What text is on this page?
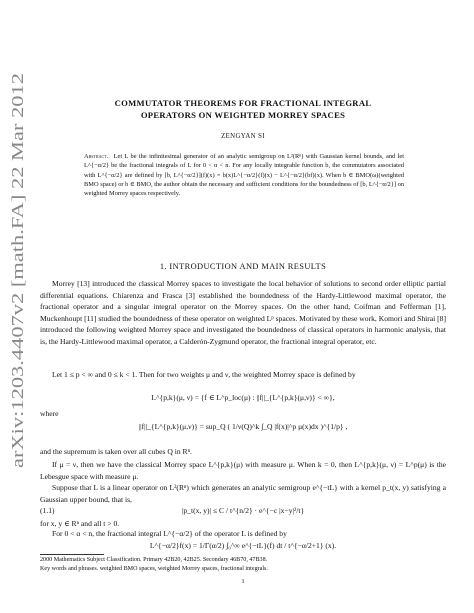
arXiv:1203.4407v2 [math.FA] 22 Mar 2012
COMMUTATOR THEOREMS FOR FRACTIONAL INTEGRAL
OPERATORS ON WEIGHTED MORREY SPACES
ZENGYAN SI
Abstract. Let L be the infinitesimal generator of an analytic semigroup on L²(Rⁿ) with Gaussian kernel bounds, and let L^{−α/2} be the fractional integrals of L for 0 < α < n. For any locally integrable function b, the commutators associated with L^{−α/2} are defined by [b, L^{−α/2}](f)(x) = b(x)L^{−α/2}(f)(x) − L^{−α/2}(bf)(x). When b ∈ BMO(ω)(weighted BMO space) or b ∈ BMO, the author obtain the necessary and sufficient conditions for the boundedness of [b, L^{−α/2}] on weighted Morrey spaces respectively.
1. INTRODUCTION AND MAIN RESULTS
Morrey [13] introduced the classical Morrey spaces to investigate the local behavior of solutions to second order elliptic partial differential equations. Chiarenza and Frasca [3] established the boundedness of the Hardy-Littlewood maximal operator, the fractional operator and a singular integral operator on the Morrey spaces. On the other hand, Coifman and Fefferman [1], Muckenhoupt [11] studied the boundedness of these operator on weighted Lᵖ spaces. Motivated by these work, Komori and Shirai [8] introduced the following weighted Morrey space and investigated the boundedness of classical operators in harmonic analysis, that is, the Hardy-Littlewood maximal operator, a Calderón-Zygmund operator, the fractional integral operator, etc.
Let 1 ≤ p < ∞ and 0 ≤ k < 1. Then for two weights μ and ν, the weighted Morrey space is defined by
L^{p,k}(μ, ν) = {f ∈ L^p_loc(μ) : ||f||_{L^{p,k}(μ,ν)} < ∞},
where
||f||_{L^{p,k}(μ,ν)} = sup_Q ( 1/ν(Q)^k ∫_Q |f(x)|^p μ(x)dx )^{1/p} ,
and the supremum is taken over all cubes Q in Rⁿ.
If μ = ν, then we have the classical Morrey space L^{p,k}(μ) with measure μ. When k = 0, then L^{p,k}(μ, ν) = L^p(μ) is the Lebesgue space with measure μ.
Suppose that L is a linear operator on L²(Rⁿ) which generates an analytic semigroup e^{−tL} with a kernel p_t(x, y) satisfying a Gaussian upper bound, that is,
(1.1)	|p_t(x, y)| ≤ C / t^{n/2} · e^{−c |x−y|²/t}
for x, y ∈ Rⁿ and all t > 0.
For 0 < α < n, the fractional integral L^{−α/2} of the operator L is defined by
L^{−α/2}f(x) = 1/Γ(α/2) ∫₀^∞ e^{−tL}(f) dt / t^{−α/2+1} (x).
2000 Mathematics Subject Classification. Primary 42B20, 42B25. Secondary 46B70, 47B38.
Key words and phrases. weighted BMO spaces, weighted Morrey spaces, fractional integrals.
1
